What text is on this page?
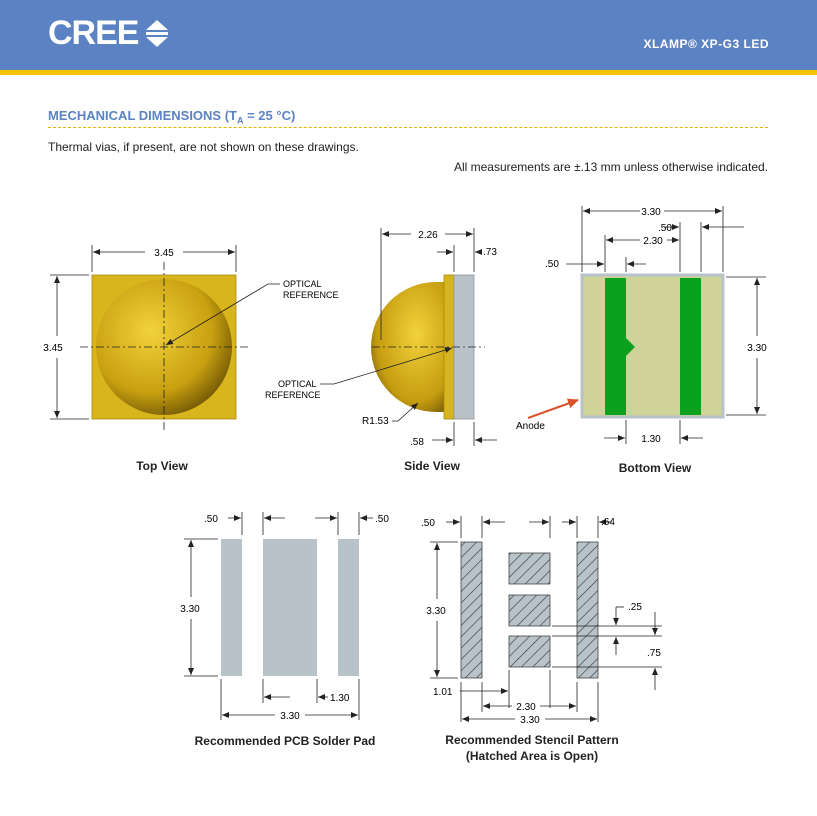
CREE	XLAMP® XP-G3 LED
MECHANICAL DIMENSIONS ($T_A = 25$ °C)
Thermal vias, if present, are not shown on these drawings.
All measurements are ±.13 mm unless otherwise indicated.
3.45
3.45
OPTICAL
REFERENCE
2.26
.73
.58
R1.53
OPTICAL
REFERENCE
3.30
.50
2.30
.50
3.30
1.30
Anode
.50	.50
3.30
1.30
3.30
.50	.64
3.30	.25
.75
1.01
2.30
3.30
Top View	Side View	Bottom View
Recommended PCB Solder Pad	Recommended Stencil Pattern
(Hatched Area is Open)
